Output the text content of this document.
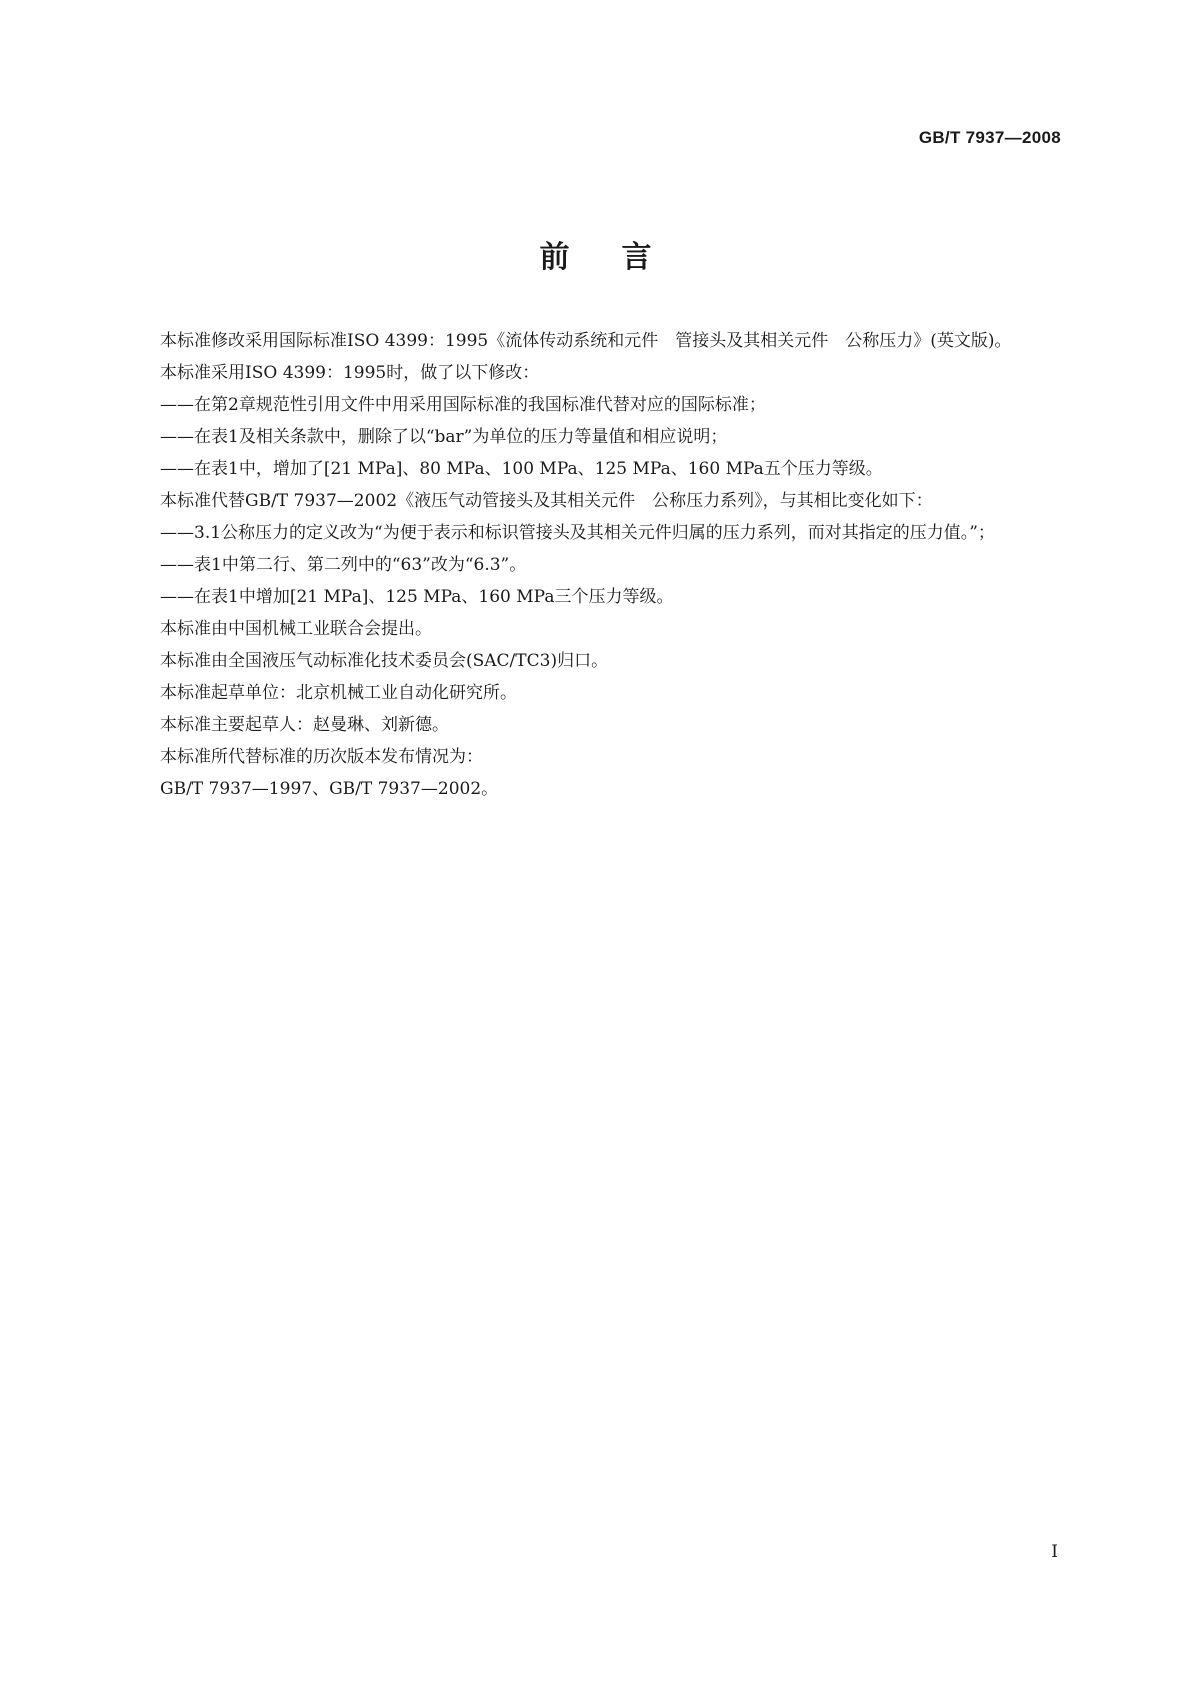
GB/T 7937—2008
前言

本标准修改采用国际标准ISO 4399：1995《流体传动系统和元件　管接头及其相关元件　公称压力》(英文版)。

本标准采用ISO 4399：1995时，做了以下修改：

——在第2章规范性引用文件中用采用国际标准的我国标准代替对应的国际标准；

——在表1及相关条款中，删除了以“bar”为单位的压力等量值和相应说明；

——在表1中，增加了[21 MPa]、80 MPa、100 MPa、125 MPa、160 MPa五个压力等级。

本标准代替GB/T 7937—2002《液压气动管接头及其相关元件　公称压力系列》，与其相比变化如下：

——3.1公称压力的定义改为“为便于表示和标识管接头及其相关元件归属的压力系列，而对其指定的压力值。”；

——表1中第二行、第二列中的“63”改为“6.3”。

——在表1中增加[21 MPa]、125 MPa、160 MPa三个压力等级。

本标准由中国机械工业联合会提出。

本标准由全国液压气动标准化技术委员会(SAC/TC3)归口。

本标准起草单位：北京机械工业自动化研究所。

本标准主要起草人：赵曼琳、刘新德。

本标准所代替标准的历次版本发布情况为：

GB/T 7937—1997、GB/T 7937—2002。

I
